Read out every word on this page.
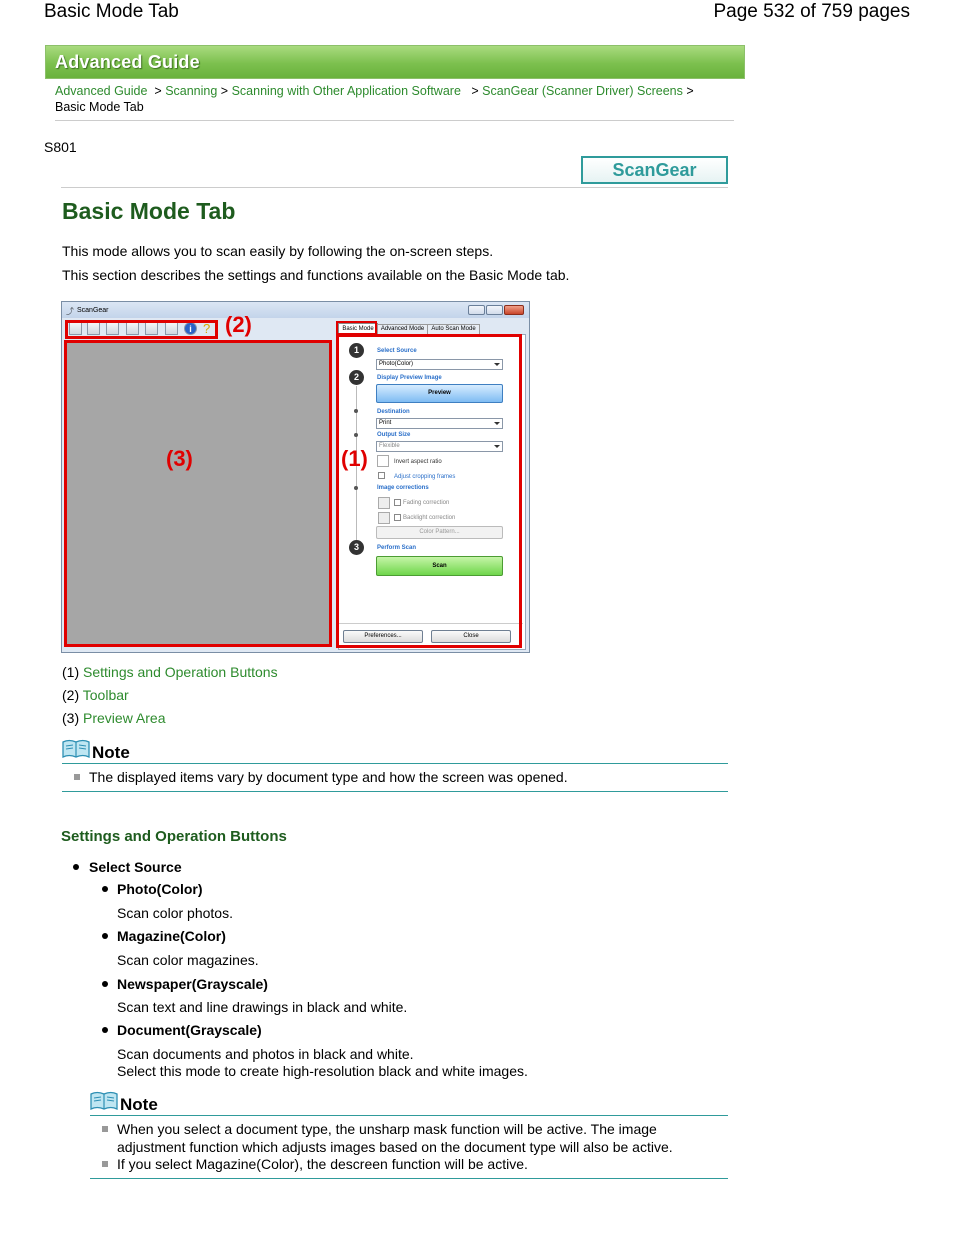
Basic Mode Tab	Page 532 of 759 pages
Advanced Guide
Advanced Guide > Scanning > Scanning with Other Application Software > ScanGear (Scanner Driver) Screens >
Basic Mode Tab
S801
ScanGear
Basic Mode Tab
This mode allows you to scan easily by following the on-screen steps.
This section describes the settings and functions available on the Basic Mode tab.
⤴ ScanGear
i ?	Basic Mode	Advanced Mode	Auto Scan Mode
1	Select Source
Photo(Color)
2	Display Preview Image
Preview
Destination
Print
Output Size
Flexible
Invert aspect ratio
Adjust cropping frames
Image corrections
Fading correction
Backlight correction
Color Pattern...
3	Perform Scan
Scan
Preferences...	Close
(2)
(3)	(1)
(1) Settings and Operation Buttons
(2) Toolbar
(3) Preview Area
Note
The displayed items vary by document type and how the screen was opened.
Settings and Operation Buttons
Select Source
Photo(Color)
Scan color photos.
Magazine(Color)
Scan color magazines.
Newspaper(Grayscale)
Scan text and line drawings in black and white.
Document(Grayscale)
Scan documents and photos in black and white.
Select this mode to create high-resolution black and white images.
Note
When you select a document type, the unsharp mask function will be active. The image
adjustment function which adjusts images based on the document type will also be active.
If you select Magazine(Color), the descreen function will be active.
